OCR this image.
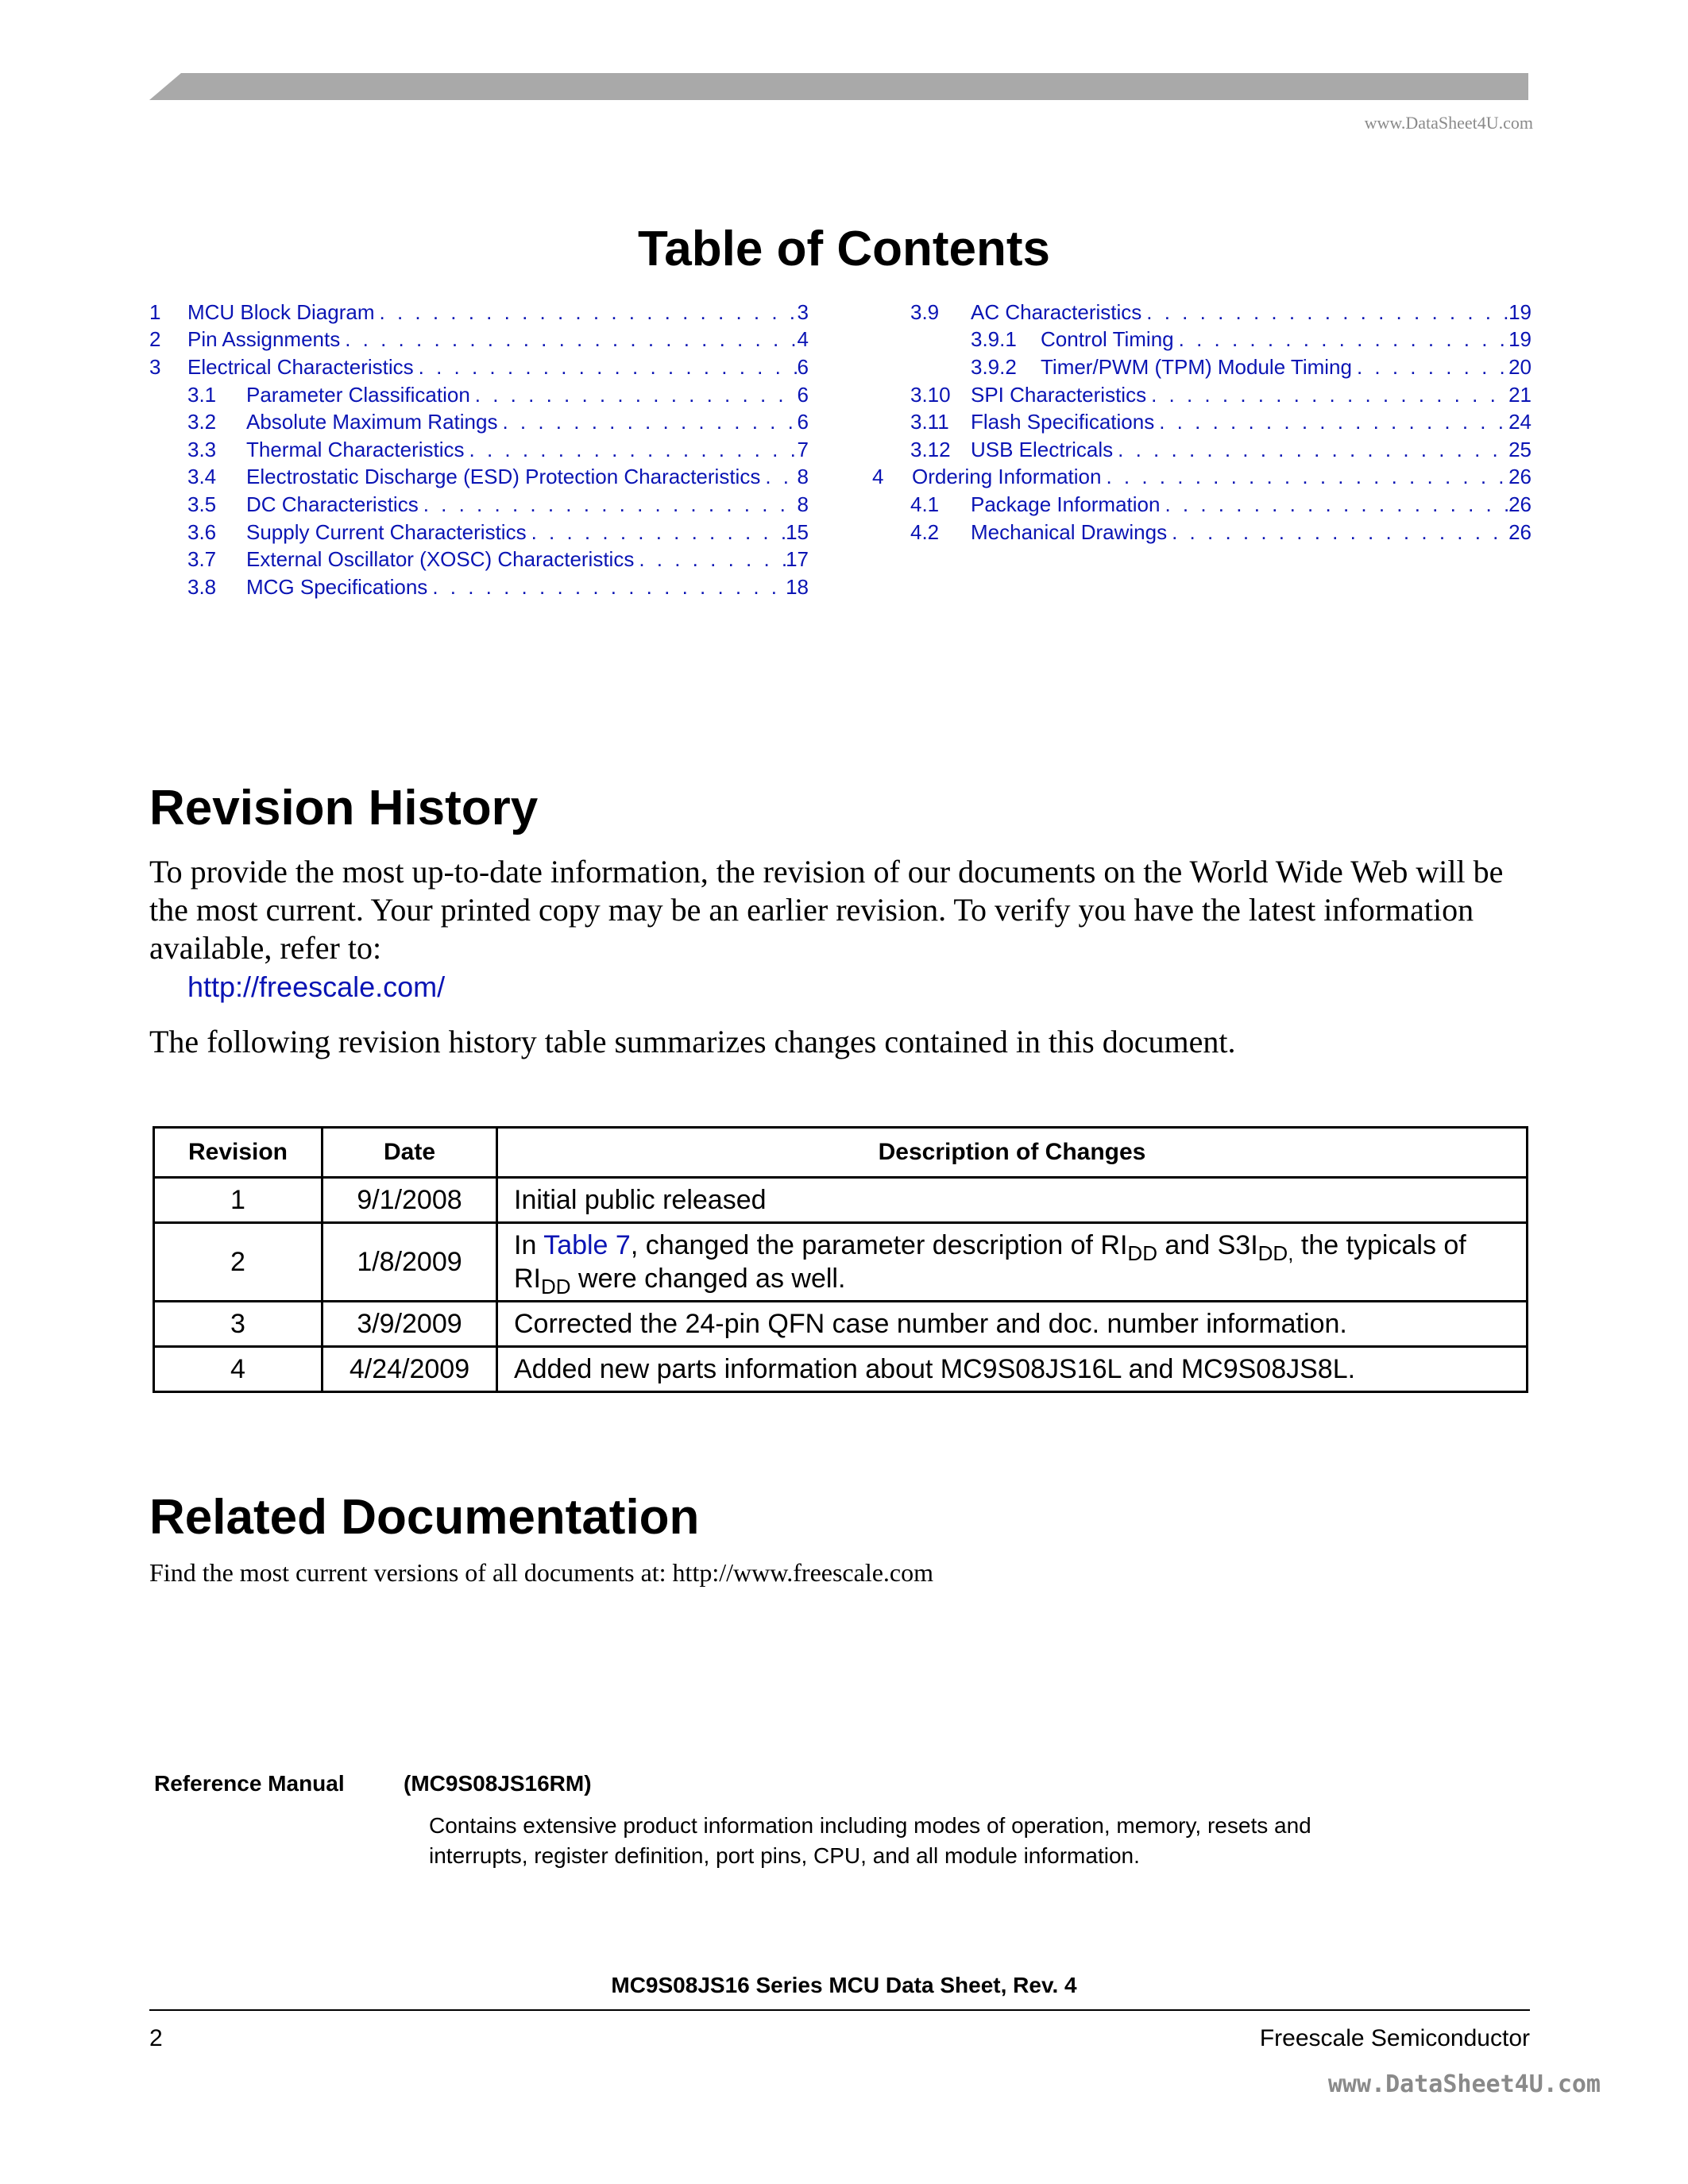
www.DataSheet4U.com
Table of Contents
1	MCU Block Diagram . . .	3
2	Pin Assignments . . .	4
3	Electrical Characteristics . . .	6
3.1	Parameter Classification . . .	6
3.2	Absolute Maximum Ratings . . .	6
3.3	Thermal Characteristics . . .	7
3.4	Electrostatic Discharge (ESD) Protection Characteristics . . . 8
3.5	DC Characteristics . . .	8
3.6	Supply Current Characteristics . . .	15
3.7	External Oscillator (XOSC) Characteristics . . .	17
3.8	MCG Specifications . . .	18
3.9	AC Characteristics . . .	19
3.9.1	Control Timing . . .	19
3.9.2	Timer/PWM (TPM) Module Timing . . .	20
3.10 SPI Characteristics . . .	21
3.11	Flash Specifications . . .	24
3.12 USB Electricals . . .	25
4	Ordering Information . . .	26
4.1	Package Information . . .	26
4.2	Mechanical Drawings . . .	26
Revision History

To provide the most up-to-date information, the revision of our documents on the World Wide Web will be the most current. Your printed copy may be an earlier revision. To verify you have the latest information available, refer to:

http://freescale.com/

The following revision history table summarizes changes contained in this document.

Revision	Date	Description of Changes
1	9/1/2008	Initial public released
2	1/8/2009	In Table 7, changed the parameter description of $RI_{DD}$ and $S3I_{DD,}$ the typicals of $RI_{DD}$ were changed as well.
3	3/9/2009	Corrected the 24-pin QFN case number and doc. number information.
4	4/24/2009	Added new parts information about MC9S08JS16L and MC9S08JS8L.
Related Documentation

Find the most current versions of all documents at: http://www.freescale.com

Reference Manual	(MC9S08JS16RM)

Contains extensive product information including modes of operation, memory, resets and interrupts, register definition, port pins, CPU, and all module information.

MC9S08JS16 Series MCU Data Sheet, Rev. 4
2	Freescale Semiconductor
www.DataSheet4U.com
